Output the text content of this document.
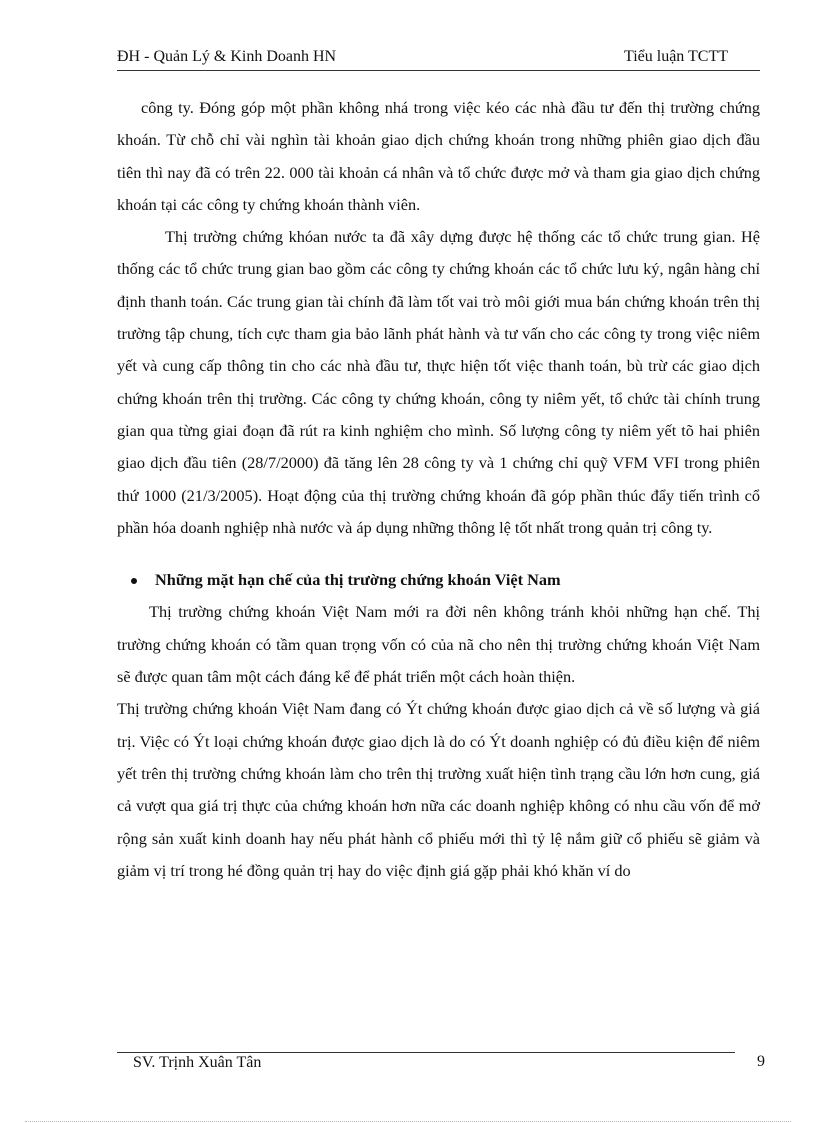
ĐH - Quản Lý & Kinh Doanh HN	Tiểu luận TCTT

công ty. Đóng góp một phần không nhá trong việc kéo các nhà đầu tư đến thị trường chứng khoán. Từ chỗ chỉ vài nghìn tài khoản giao dịch chứng khoán trong những phiên giao dịch đầu tiên thì nay đã có trên 22. 000 tài khoản cá nhân và tổ chức được mở và tham gia giao dịch chứng khoán tại các công ty chứng khoán thành viên.

Thị trường chứng khóan nước ta đã xây dựng được hệ thống các tổ chức trung gian. Hệ thống các tổ chức trung gian bao gồm các công ty chứng khoán các tổ chức lưu ký, ngân hàng chỉ định thanh toán. Các trung gian tài chính đã làm tốt vai trò môi giới mua bán chứng khoán trên thị trường tập chung, tích cực tham gia bảo lãnh phát hành và tư vấn cho các công ty trong việc niêm yết và cung cấp thông tin cho các nhà đầu tư, thực hiện tốt việc thanh toán, bù trừ các giao dịch chứng khoán trên thị trường. Các công ty chứng khoán, công ty niêm yết, tổ chức tài chính trung gian qua từng giai đoạn đã rút ra kinh nghiệm cho mình. Số lượng công ty niêm yết tõ hai phiên giao dịch đầu tiên (28/7/2000) đã tăng lên 28 công ty và 1 chứng chỉ quỹ VFM VFI trong phiên thứ 1000 (21/3/2005). Hoạt động của thị trường chứng khoán đã góp phần thúc đẩy tiến trình cổ phần hóa doanh nghiệp nhà nước và áp dụng những thông lệ tốt nhất trong quản trị công ty.

Những mặt hạn chế của thị trường chứng khoán Việt Nam

Thị trường chứng khoán Việt Nam mới ra đời nên không tránh khỏi những hạn chế. Thị trường chứng khoán có tầm quan trọng vốn có của nã cho nên thị trường chứng khoán Việt Nam sẽ được quan tâm một cách đáng kể để phát triển một cách hoàn thiện.

Thị trường chứng khoán Việt Nam đang có Ýt chứng khoán được giao dịch cả về số lượng và giá trị. Việc có Ýt loại chứng khoán được giao dịch là do có Ýt doanh nghiệp có đủ điều kiện để niêm yết trên thị trường chứng khoán làm cho trên thị trường xuất hiện tình trạng cầu lớn hơn cung, giá cả vượt qua giá trị thực của chứng khoán hơn nữa các doanh nghiệp không có nhu cầu vốn để mở rộng sản xuất kinh doanh hay nếu phát hành cổ phiếu mới thì tỷ lệ nắm giữ cổ phiếu sẽ giảm và giảm vị trí trong hé đồng quản trị hay do việc định giá gặp phải khó khăn ví do

SV. Trịnh Xuân Tân	9
